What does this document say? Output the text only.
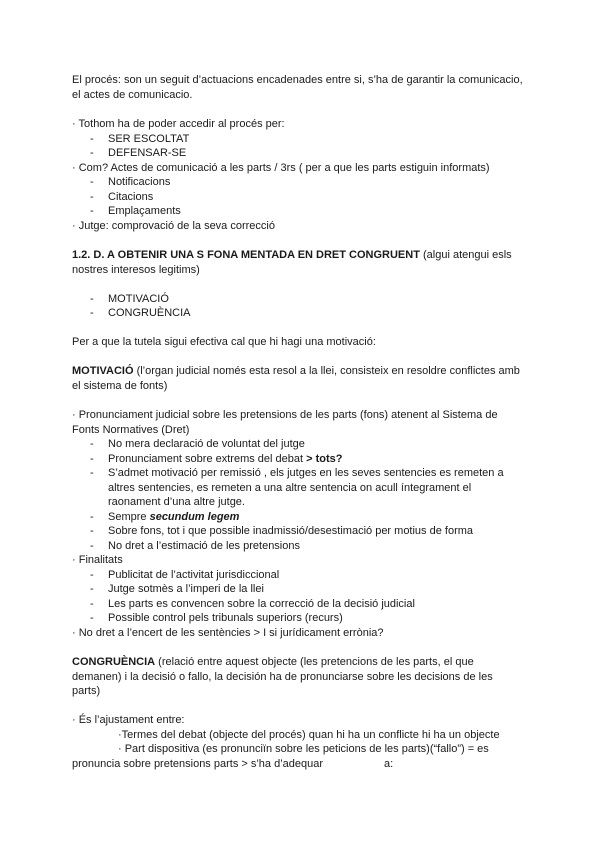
El procés: son un seguit d’actuacions encadenades entre si, s’ha de garantir la comunicacio,

el actes de comunicacio.

· Tothom ha de poder accedir al procés per:

- SER ESCOLTAT
- DEFENSAR-SE

· Com? Actes de comunicació a les parts / 3rs ( per a que les parts estiguin informats)

- Notificacions
- Citacions
- Emplaçaments

· Jutge: comprovació de la seva correcció

1.2. D. A OBTENIR UNA S FONA MENTADA EN DRET CONGRUENT (algui atengui esls

nostres interesos legitims)

- MOTIVACIÓ
- CONGRUÈNCIA

Per a que la tutela sigui efectiva cal que hi hagi una motivació:

MOTIVACIÓ (l’organ judicial només esta resol a la llei, consisteix en resoldre conflictes amb

el sistema de fonts)

· Pronunciament judicial sobre les pretensions de les parts (fons) atenent al Sistema de

Fonts Normatives (Dret)

- No mera declaració de voluntat del jutge
- Pronunciament sobre extrems del debat > tots?
- S’admet motivació per remissió , els jutges en les seves sentencies es remeten a
altres sentencies, es remeten a una altre sentencia on acull íntegrament el
raonament d’una altre jutge.
- Sempre secundum legem
- Sobre fons, tot i que possible inadmissió/desestimació per motius de forma
- No dret a l’estimació de les pretensions

· Finalitats

- Publicitat de l’activitat jurisdiccional
- Jutge sotmès a l’imperi de la llei
- Les parts es convencen sobre la correcció de la decisió judicial
- Possible control pels tribunals superiors (recurs)

· No dret a l’encert de les sentències > I si jurídicament errònia?

CONGRUÈNCIA (relació entre aquest objecte (les pretencions de les parts, el que

demanen) i la decisió o fallo, la decisión ha de pronunciarse sobre les decisions de les

parts)

· És l’ajustament entre:

·Termes del debat (objecte del procés) quan hi ha un conflicte hi ha un objecte
· Part dispositiva (es pronunciïn sobre les peticions de les parts)(“fallo”) = es

pronuncia sobre pretensions parts > s’ha d’adequar	a:
